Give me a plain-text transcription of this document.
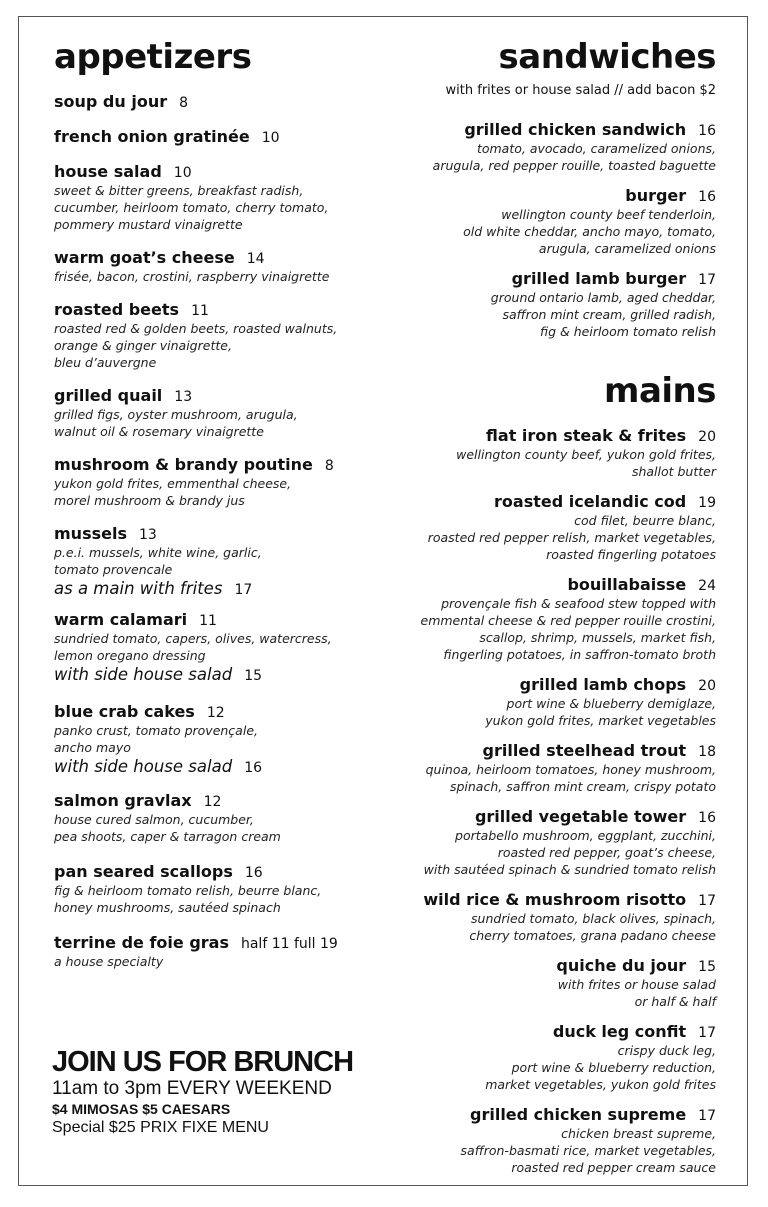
appetizers
soup du jour 8
french onion gratinée 10
house salad 10
sweet & bitter greens, breakfast radish,
cucumber, heirloom tomato, cherry tomato,
pommery mustard vinaigrette
warm goat’s cheese 14
frisée, bacon, crostini, raspberry vinaigrette
roasted beets 11
roasted red & golden beets, roasted walnuts,
orange & ginger vinaigrette,
bleu d’auvergne
grilled quail 13
grilled figs, oyster mushroom, arugula,
walnut oil & rosemary vinaigrette
mushroom & brandy poutine 8
yukon gold frites, emmenthal cheese,
morel mushroom & brandy jus
mussels 13
p.e.i. mussels, white wine, garlic,
tomato provencale
as a main with frites 17
warm calamari 11
sundried tomato, capers, olives, watercress,
lemon oregano dressing
with side house salad 15
blue crab cakes 12
panko crust, tomato provençale,
ancho mayo
with side house salad 16
salmon gravlax 12
house cured salmon, cucumber,
pea shoots, caper & tarragon cream
pan seared scallops 16
fig & heirloom tomato relish, beurre blanc,
honey mushrooms, sautéed spinach
terrine de foie gras half 11 full 19
a house specialty
JOIN US FOR BRUNCH
11am to 3pm EVERY WEEKEND
$4 MIMOSAS $5 CAESARS
Special $25 PRIX FIXE MENU
sandwiches
with frites or house salad // add bacon $2
grilled chicken sandwich 16
tomato, avocado, caramelized onions,
arugula, red pepper rouille, toasted baguette
burger 16
wellington county beef tenderloin,
old white cheddar, ancho mayo, tomato,
arugula, caramelized onions
grilled lamb burger 17
ground ontario lamb, aged cheddar,
saffron mint cream, grilled radish,
fig & heirloom tomato relish
mains
flat iron steak & frites 20
wellington county beef, yukon gold frites,
shallot butter
roasted icelandic cod 19
cod filet, beurre blanc,
roasted red pepper relish, market vegetables,
roasted fingerling potatoes
bouillabaisse 24
provençale fish & seafood stew topped with
emmental cheese & red pepper rouille crostini,
scallop, shrimp, mussels, market fish,
fingerling potatoes, in saffron-tomato broth
grilled lamb chops 20
port wine & blueberry demiglaze,
yukon gold frites, market vegetables
grilled steelhead trout 18
quinoa, heirloom tomatoes, honey mushroom,
spinach, saffron mint cream, crispy potato
grilled vegetable tower 16
portabello mushroom, eggplant, zucchini,
roasted red pepper, goat’s cheese,
with sautéed spinach & sundried tomato relish
wild rice & mushroom risotto 17
sundried tomato, black olives, spinach,
cherry tomatoes, grana padano cheese
quiche du jour 15
with frites or house salad
or half & half
duck leg confit 17
crispy duck leg,
port wine & blueberry reduction,
market vegetables, yukon gold frites
grilled chicken supreme 17
chicken breast supreme,
saffron-basmati rice, market vegetables,
roasted red pepper cream sauce
